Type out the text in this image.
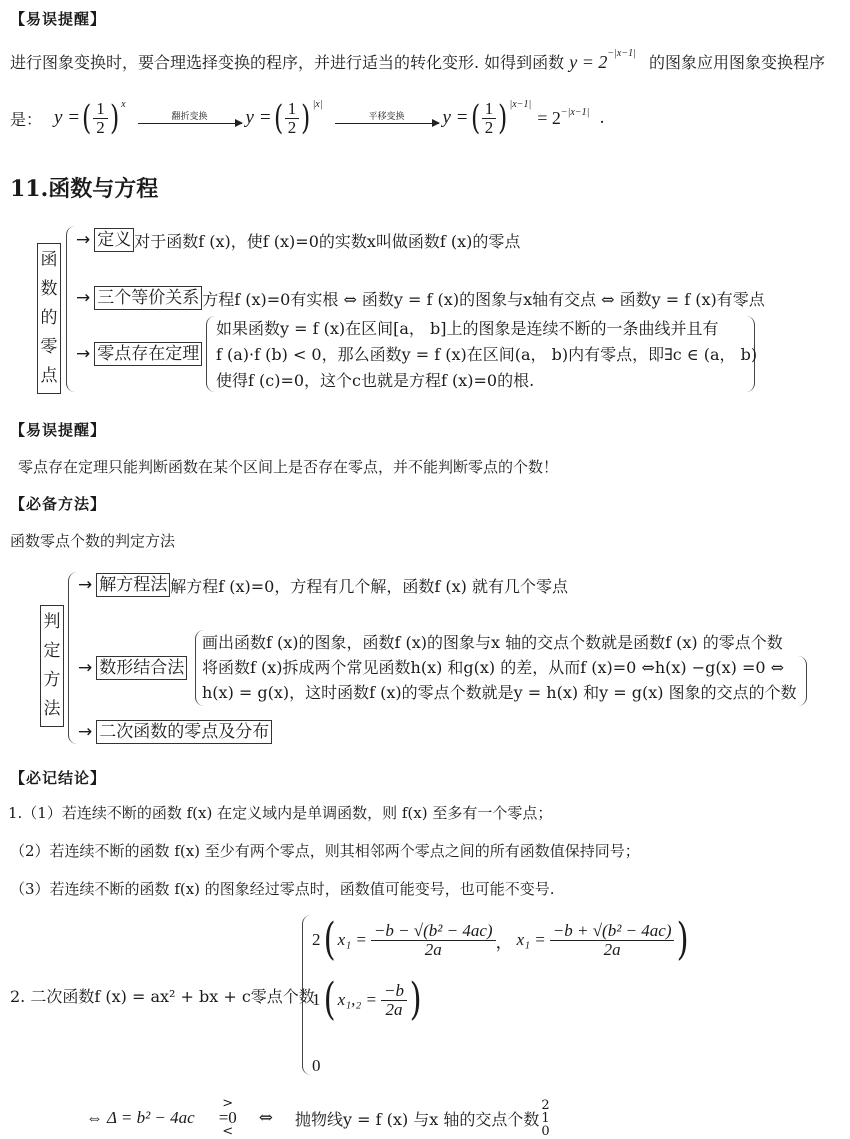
【易误提醒】
进行图象变换时，要合理选择变换的程序，并进行适当的转化变形. 如得到函数 $y = 2^{-|x-1|}$ 的图象应用图象变换程序
是： y = ( $\frac{1}{2} )^x$
翻折变换 y = ( $\frac{1}{2} )^{|x|}$
平移变换 y = ( $\frac{1}{2} )^{|x-1|}$
= $2^{-|x-1|}$ .
11.函数与方程
函
数
的
零
点
→ 定义 对于函数f (x)，使f (x)=0的实数x叫做函数f (x)的零点
→ 三个等价关系 方程f (x)=0有实根 ⇔ 函数y = f (x)的图象与x轴有交点 ⇔ 函数y = f (x)有零点
→ 零点存在定理
如果函数y = f (x)在区间[a， b]上的图象是连续不断的一条曲线并且有
f (a)·f (b) < 0，那么函数y = f (x)在区间(a， b)内有零点，即∃c ∈ (a， b)
使得f (c)=0，这个c也就是方程f (x)=0的根.
【易误提醒】
零点存在定理只能判断函数在某个区间上是否存在零点，并不能判断零点的个数！
【必备方法】
函数零点个数的判定方法
判
定
方
法
→ 解方程法 解方程f (x)=0，方程有几个解，函数f (x) 就有几个零点
→ 数形结合法
画出函数f (x)的图象，函数f (x)的图象与x 轴的交点个数就是函数f (x) 的零点个数
将函数f (x)拆成两个常见函数h(x) 和g(x) 的差，从而f (x)=0 ⇔h(x) −g(x) =0 ⇔
h(x) = g(x)，这时函数f (x)的零点个数就是y = h(x) 和y = g(x) 图象的交点的个数
→ 二次函数的零点及分布
【必记结论】
1.（1）若连续不断的函数 f(x) 在定义域内是单调函数，则 f(x) 至多有一个零点；
（2）若连续不断的函数 f(x) 至少有两个零点，则其相邻两个零点之间的所有函数值保持同号；
（3）若连续不断的函数 f(x) 的图象经过零点时，函数值可能变号，也可能不变号.
2. 二次函数f (x) = ax² + bx + c零点个数
2 ( $x_1 = \frac{\text{−b − √(b² − 4ac)}}{2a}$ ， $x_1 = \frac{\text{−b + √(b² − 4ac)}}{2a}$ )
1 ( $x_1,_2 = \frac{-b}{2a}$ )
0
⇔ Δ = b² − 4ac
>
=0
<
⇔ 抛物线y = f (x) 与x 轴的交点个数
2
1
0
